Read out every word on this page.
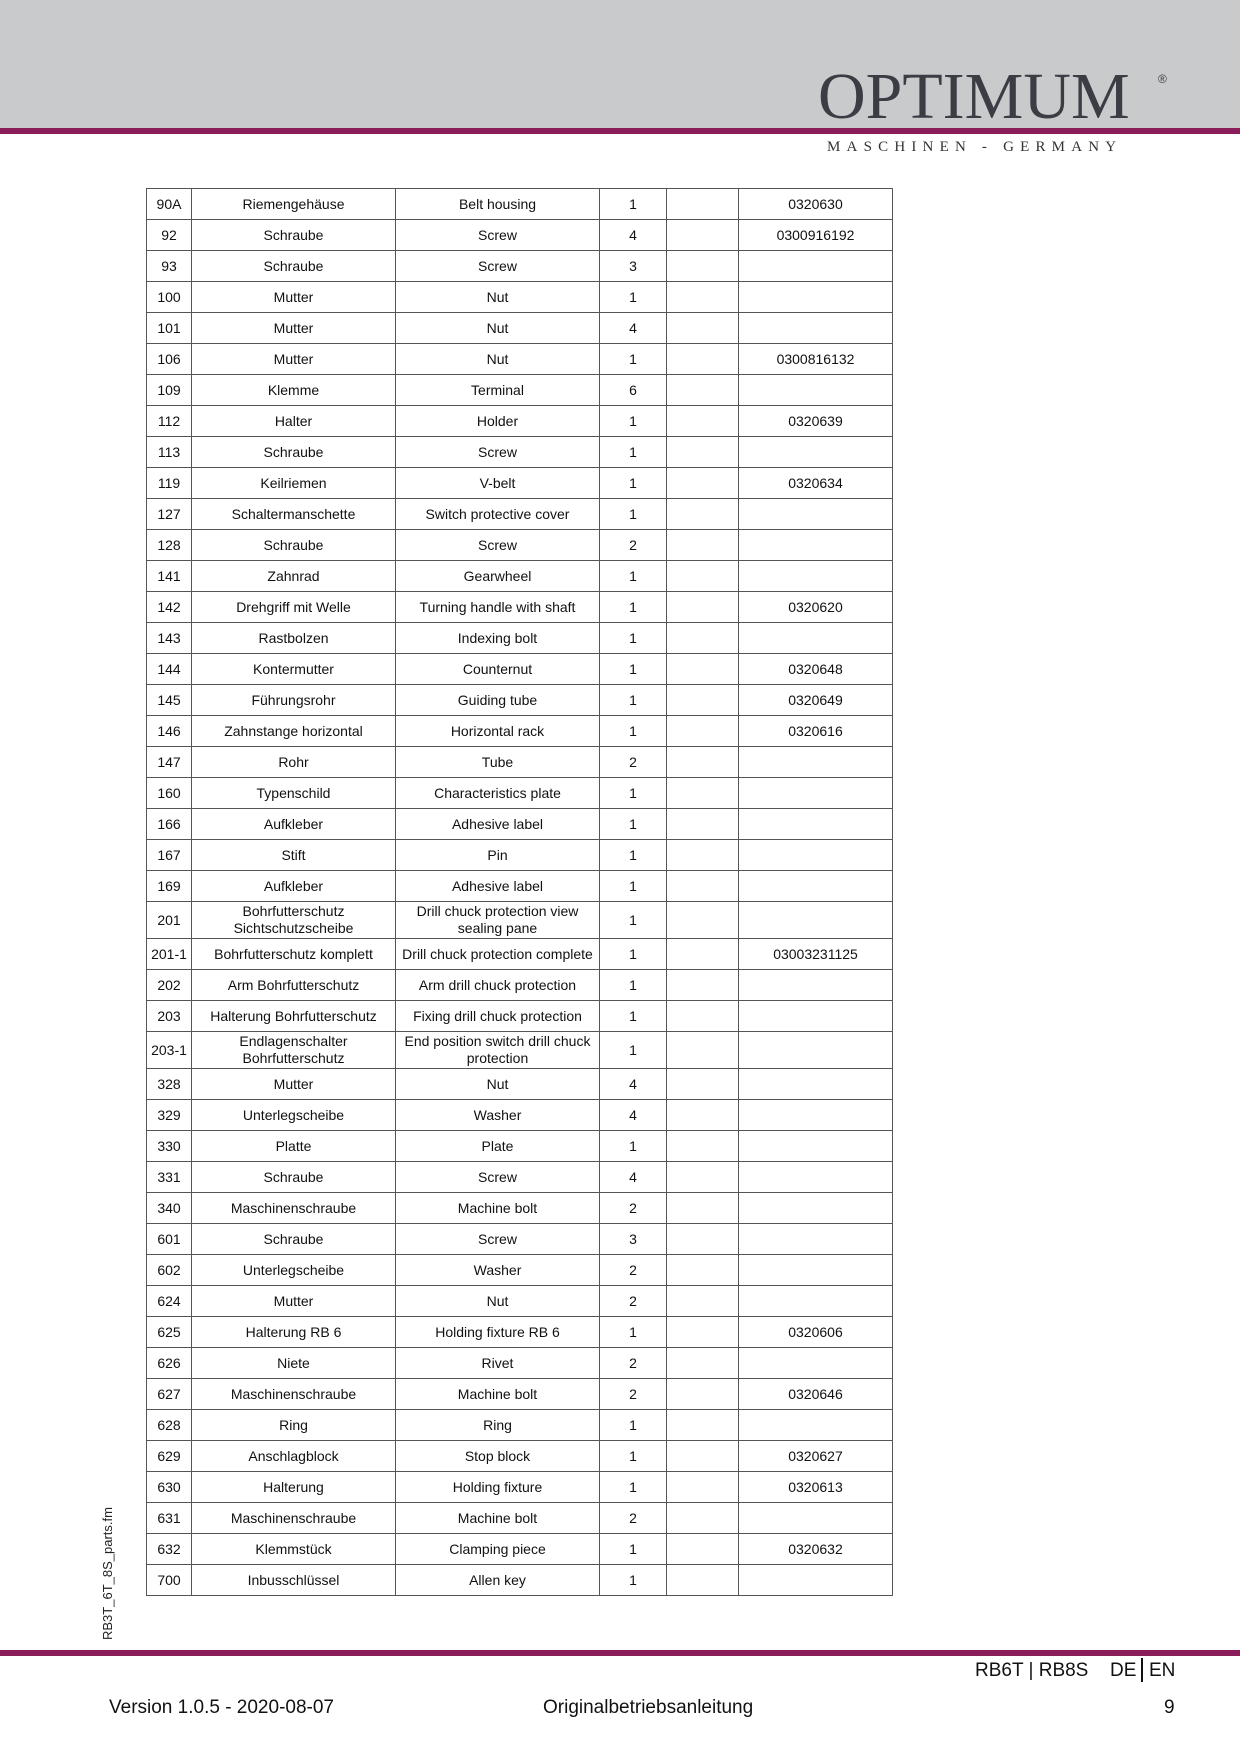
OPTIMUM	®
MASCHINEN - GERMANY
90A	Riemengehäuse	Belt housing	1		0320630
92	Schraube	Screw	4		0300916192
93	Schraube	Screw	3		
100	Mutter	Nut	1		
101	Mutter	Nut	4		
106	Mutter	Nut	1		0300816132
109	Klemme	Terminal	6		
112	Halter	Holder	1		0320639
113	Schraube	Screw	1		
119	Keilriemen	V-belt	1		0320634
127	Schaltermanschette	Switch protective cover	1		
128	Schraube	Screw	2		
141	Zahnrad	Gearwheel	1		
142	Drehgriff mit Welle	Turning handle with shaft	1		0320620
143	Rastbolzen	Indexing bolt	1		
144	Kontermutter	Counternut	1		0320648
145	Führungsrohr	Guiding tube	1		0320649
146	Zahnstange horizontal	Horizontal rack	1		0320616
147	Rohr	Tube	2		
160	Typenschild	Characteristics plate	1		
166	Aufkleber	Adhesive label	1		
167	Stift	Pin	1		
169	Aufkleber	Adhesive label	1		
201	Bohrfutterschutz Sichtschutzscheibe	Drill chuck protection view sealing pane	1		
201-1	Bohrfutterschutz komplett	Drill chuck protection complete	1		03003231125
202	Arm Bohrfutterschutz	Arm drill chuck protection	1		
203	Halterung Bohrfutterschutz	Fixing drill chuck protection	1		
203-1	Endlagenschalter Bohrfutterschutz	End position switch drill chuck protection	1		
328	Mutter	Nut	4		
329	Unterlegscheibe	Washer	4		
330	Platte	Plate	1		
331	Schraube	Screw	4		
340	Maschinenschraube	Machine bolt	2		
601	Schraube	Screw	3		
602	Unterlegscheibe	Washer	2		
624	Mutter	Nut	2		
625	Halterung RB 6	Holding fixture RB 6	1		0320606
626	Niete	Rivet	2		
627	Maschinenschraube	Machine bolt	2		0320646
628	Ring	Ring	1		
629	Anschlagblock	Stop block	1		0320627
630	Halterung	Holding fixture	1		0320613
631	Maschinenschraube	Machine bolt	2		
632	Klemmstück	Clamping piece	1		0320632
700	Inbusschlüssel	Allen key	1		
RB3T_6T_8S_parts.fm
RB6T | RB8S DE EN
Version 1.0.5 - 2020-08-07	Originalbetriebsanleitung	9
